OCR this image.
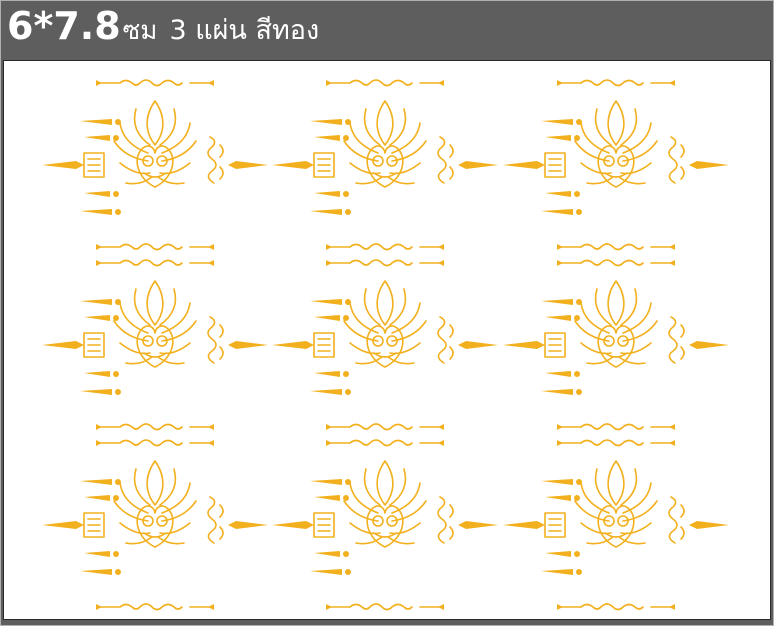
6*7.8ซม 3 แผ่น สีทอง
